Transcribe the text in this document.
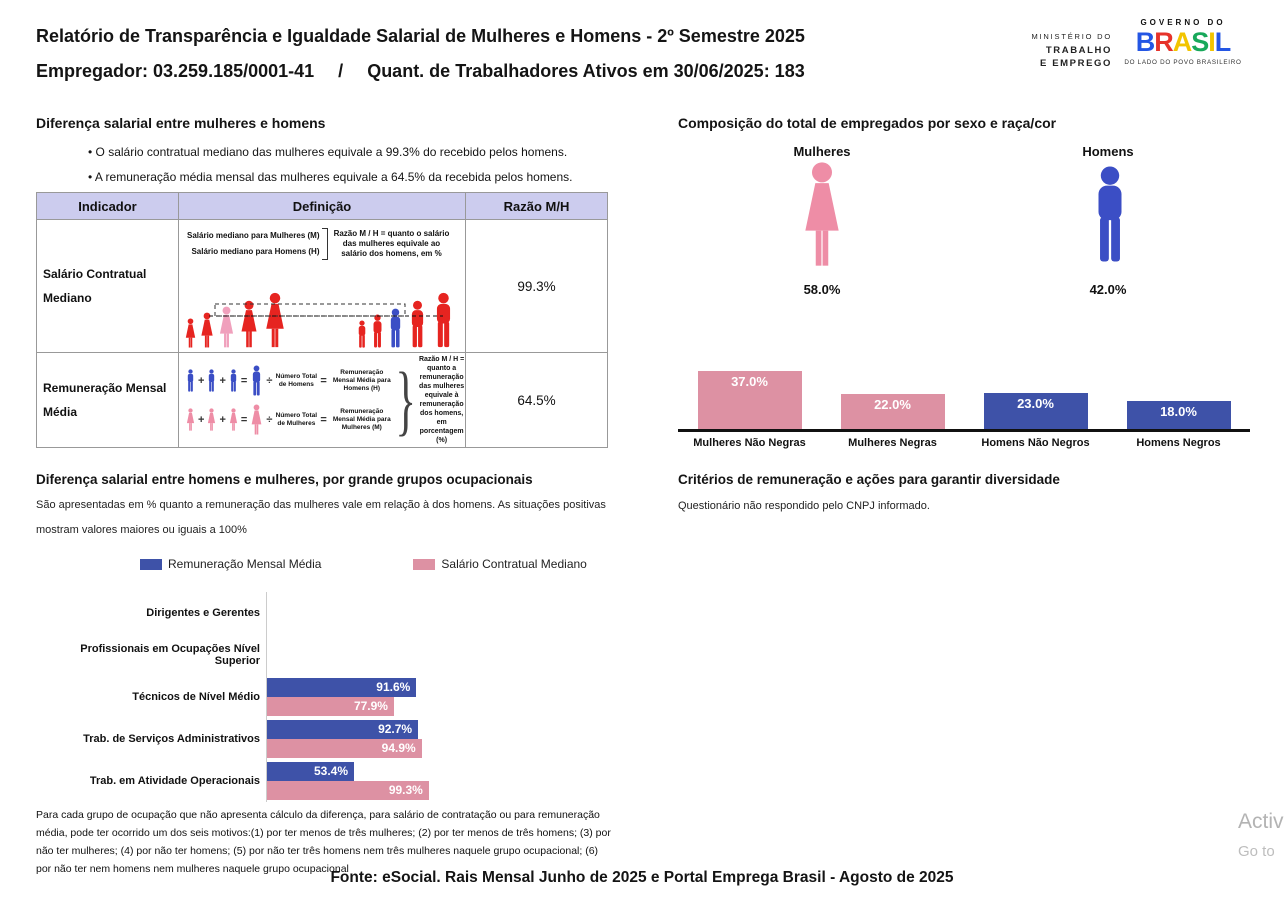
Relatório de Transparência e Igualdade Salarial de Mulheres e Homens - 2º Semestre 2025
Empregador: 03.259.185/0001-41 / Quant. de Trabalhadores Ativos em 30/06/2025: 183
MINISTÉRIO DO
TRABALHO
E EMPREGO
GOVERNO DO
BRASIL
DO LADO DO POVO BRASILEIRO
Diferença salarial entre mulheres e homens
• O salário contratual mediano das mulheres equivale a 99.3% do recebido pelos homens.
• A remuneração média mensal das mulheres equivale a 64.5% da recebida pelos homens.
Indicador	Definição	Razão M/H
Salário Contratual Mediano
Salário mediano para Mulheres (M)
Salário mediano para Homens (H)
Razão M / H = quanto o salário das mulheres equivale ao salário dos homens, em %
99.3%
Remuneração Mensal
Média
+ + = ÷ Número Total de Homens =
Remuneração Mensal Média para Homens (H)
+ + = ÷ Número Total de Mulheres =
Remuneração Mensal Média para Mulheres (M) } Razão M / H = quanto a remuneração das mulheres equivale à remuneração dos homens, em porcentagem (%)
64.5%
Composição do total de empregados por sexo e raça/cor
Mulheres	Homens
58.0%	42.0%
37.0%
22.0%	23.0%
18.0%
Mulheres Não Negras	Mulheres Negras	Homens Não Negros	Homens Negros
Diferença salarial entre homens e mulheres, por grande grupos ocupacionais
São apresentadas em % quanto a remuneração das mulheres vale em relação à dos homens. As situações positivas
mostram valores maiores ou iguais a 100%
Remuneração Mensal Média	Salário Contratual Mediano
Dirigentes e Gerentes
Profissionais em Ocupações Nível Superior
Técnicos de Nível Médio
91.6%
77.9%
Trab. de Serviços Administrativos
92.7%
94.9%
Trab. em Atividade Operacionais
53.4%
99.3%
Para cada grupo de ocupação que não apresenta cálculo da diferença, para salário de contratação ou para remuneração média, pode ter ocorrido um dos seis motivos:(1) por ter menos de três mulheres; (2) por ter menos de três homens; (3) por não ter mulheres; (4) por não ter homens; (5) por não ter três homens nem três mulheres naquele grupo ocupacional; (6) por não ter nem homens nem mulheres naquele grupo ocupacional
Critérios de remuneração e ações para garantir diversidade
Questionário não respondido pelo CNPJ informado.
Fonte: eSocial. Rais Mensal Junho de 2025 e Portal Emprega Brasil - Agosto de 2025
Activ
Go to
